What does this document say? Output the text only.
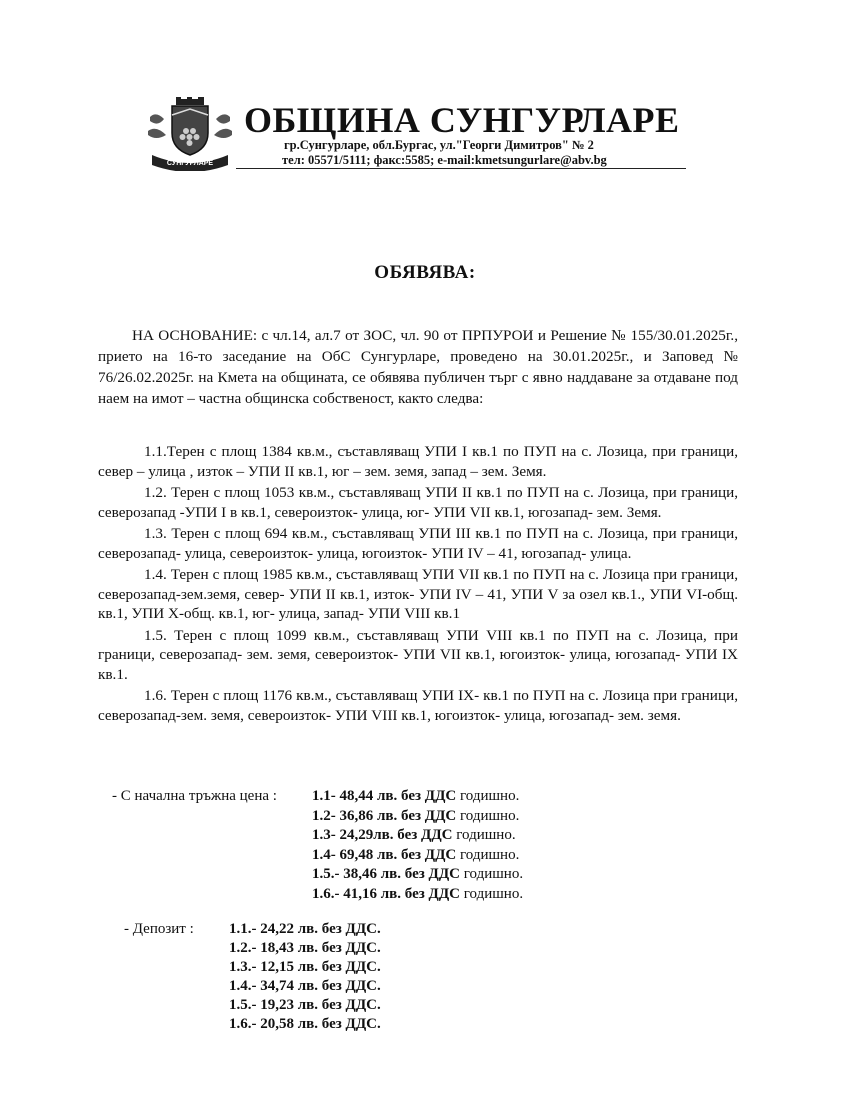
СУНГУРЛАРЕ
ОБЩИНА СУНГУРЛАРЕ
гр.Сунгурларе, обл.Бургас, ул."Георги Димитров" № 2
тел: 05571/5111; факс:5585; e-mail:kmetsungurlare@abv.bg
ОБЯВЯВА:
НА ОСНОВАНИЕ: с чл.14, ал.7 от ЗОС, чл. 90 от ПРПУРОИ и Решение № 155/30.01.2025г., прието на 16-то заседание на ОбС Сунгурларе, проведено на 30.01.2025г., и Заповед № 76/26.02.2025г. на Кмета на общината, се обявява публичен търг с явно наддаване за отдаване под наем на имот – частна общинска собственост, както следва:

1.1.Терен с площ 1384 кв.м., съставляващ УПИ I кв.1 по ПУП на с. Лозица, при граници, север – улица , изток – УПИ II кв.1, юг – зем. земя, запад – зем. Земя.

1.2. Терен с площ 1053 кв.м., съставляващ УПИ II кв.1 по ПУП на с. Лозица, при граници, северозапад -УПИ I в кв.1, североизток- улица, юг- УПИ VII кв.1, югозапад- зем. Земя.

1.3. Терен с площ 694 кв.м., съставляващ УПИ III кв.1 по ПУП на с. Лозица, при граници, северозапад- улица, североизток- улица, югоизток- УПИ IV – 41, югозапад- улица.

1.4. Терен с площ 1985 кв.м., съставляващ УПИ VII кв.1 по ПУП на с. Лозица при граници, северозапад-зем.земя, север- УПИ II кв.1, изток- УПИ IV – 41, УПИ V за озел кв.1., УПИ VI-общ. кв.1, УПИ X-общ. кв.1, юг- улица, запад- УПИ VIII кв.1

1.5. Терен с площ 1099 кв.м., съставляващ УПИ VIII кв.1 по ПУП на с. Лозица, при граници, северозапад- зем. земя, североизток- УПИ VII кв.1, югоизток- улица, югозапад- УПИ IX кв.1.

1.6. Терен с площ 1176 кв.м., съставляващ УПИ IX- кв.1 по ПУП на с. Лозица при граници, северозапад-зем. земя, североизток- УПИ VIII кв.1, югоизток- улица, югозапад- зем. земя.

- С начална тръжна цена : 1.1- 48,44 лв. без ДДС годишно.
1.2- 36,86 лв. без ДДС годишно.
1.3- 24,29лв. без ДДС годишно.
1.4- 69,48 лв. без ДДС годишно.
1.5.- 38,46 лв. без ДДС годишно.
1.6.- 41,16 лв. без ДДС годишно.
- Депозит : 1.1.- 24,22 лв. без ДДС.
1.2.- 18,43 лв. без ДДС.
1.3.- 12,15 лв. без ДДС.
1.4.- 34,74 лв. без ДДС.
1.5.- 19,23 лв. без ДДС.
1.6.- 20,58 лв. без ДДС.
